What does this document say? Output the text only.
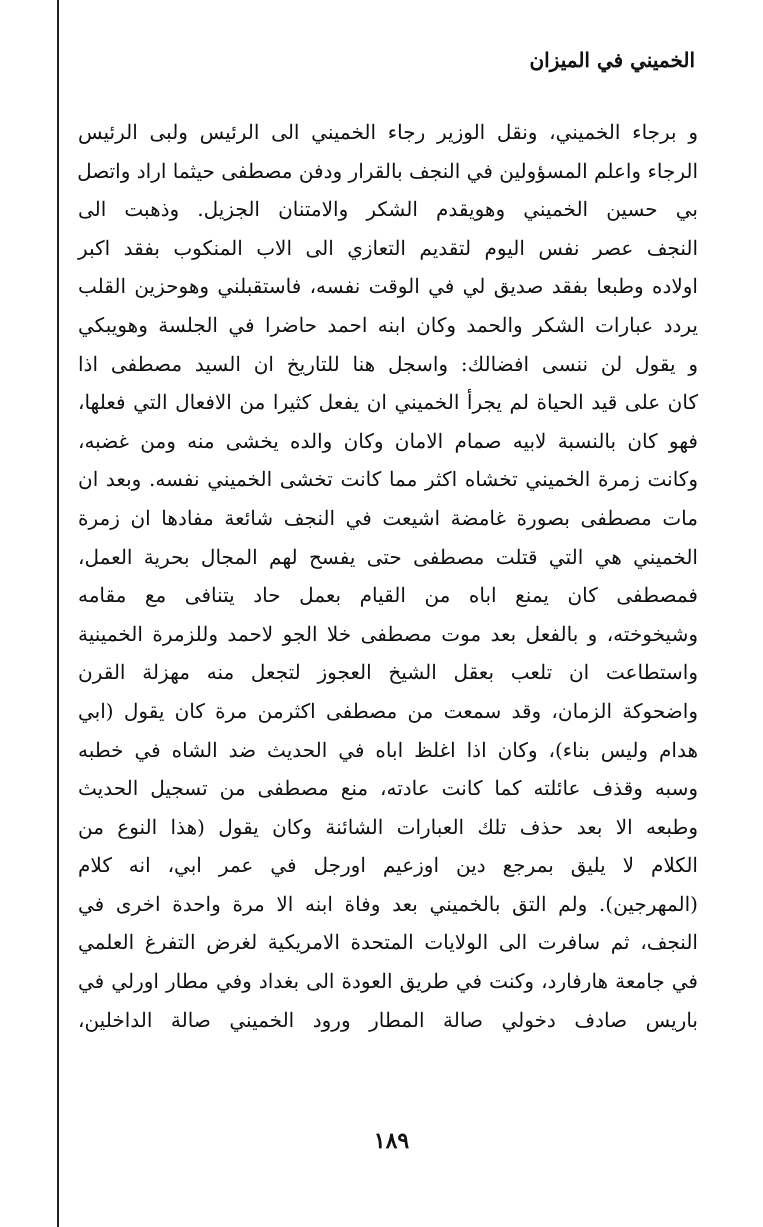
الخميني في الميزان
و برجاء الخميني، ونقل الوزير رجاء الخميني الى الرئيس ولبى الرئيس
الرجاء واعلم المسؤولين في النجف بالقرار ودفن مصطفى حيثما اراد واتصل
بي حسين الخميني وهويقدم الشكر والامتنان الجزيل. وذهبت الى
النجف عصر نفس اليوم لتقديم التعازي الى الاب المنكوب بفقد اكبر
اولاده وطبعا بفقد صديق لي في الوقت نفسه، فاستقبلني وهوحزين القلب
يردد عبارات الشكر والحمد وكان ابنه احمد حاضرا في الجلسة وهويبكي
و يقول لن ننسى افضالك: واسجل هنا للتاريخ ان السيد مصطفى اذا
كان على قيد الحياة لم يجرأ الخميني ان يفعل كثيرا من الافعال التي فعلها،
فهو كان بالنسبة لابيه صمام الامان وكان والده يخشى منه ومن غضبه،
وكانت زمرة الخميني تخشاه اكثر مما كانت تخشى الخميني نفسه. وبعد ان
مات مصطفى بصورة غامضة اشيعت في النجف شائعة مفادها ان زمرة
الخميني هي التي قتلت مصطفى حتى يفسح لهم المجال بحرية العمل،
فمصطفى كان يمنع اباه من القيام بعمل حاد يتنافى مع مقامه
وشيخوخته، و بالفعل بعد موت مصطفى خلا الجو لاحمد وللزمرة الخمينية
واستطاعت ان تلعب بعقل الشيخ العجوز لتجعل منه مهزلة القرن
واضحوكة الزمان، وقد سمعت من مصطفى اكثرمن مرة كان يقول (ابي
هدام وليس بناء)، وكان اذا اغلظ اباه في الحديث ضد الشاه في خطبه
وسبه وقذف عائلته كما كانت عادته، منع مصطفى من تسجيل الحديث
وطبعه الا بعد حذف تلك العبارات الشائنة وكان يقول (هذا النوع من
الكلام لا يليق بمرجع دين اوزعيم اورجل في عمر ابي، انه كلام
(المهرجين). ولم التق بالخميني بعد وفاة ابنه الا مرة واحدة اخرى في
النجف، ثم سافرت الى الولايات المتحدة الامريكية لغرض التفرغ العلمي
في جامعة هارفارد، وكنت في طريق العودة الى بغداد وفي مطار اورلي في
باريس صادف دخولي صالة المطار ورود الخميني صالة الداخلين،
١٨٩
